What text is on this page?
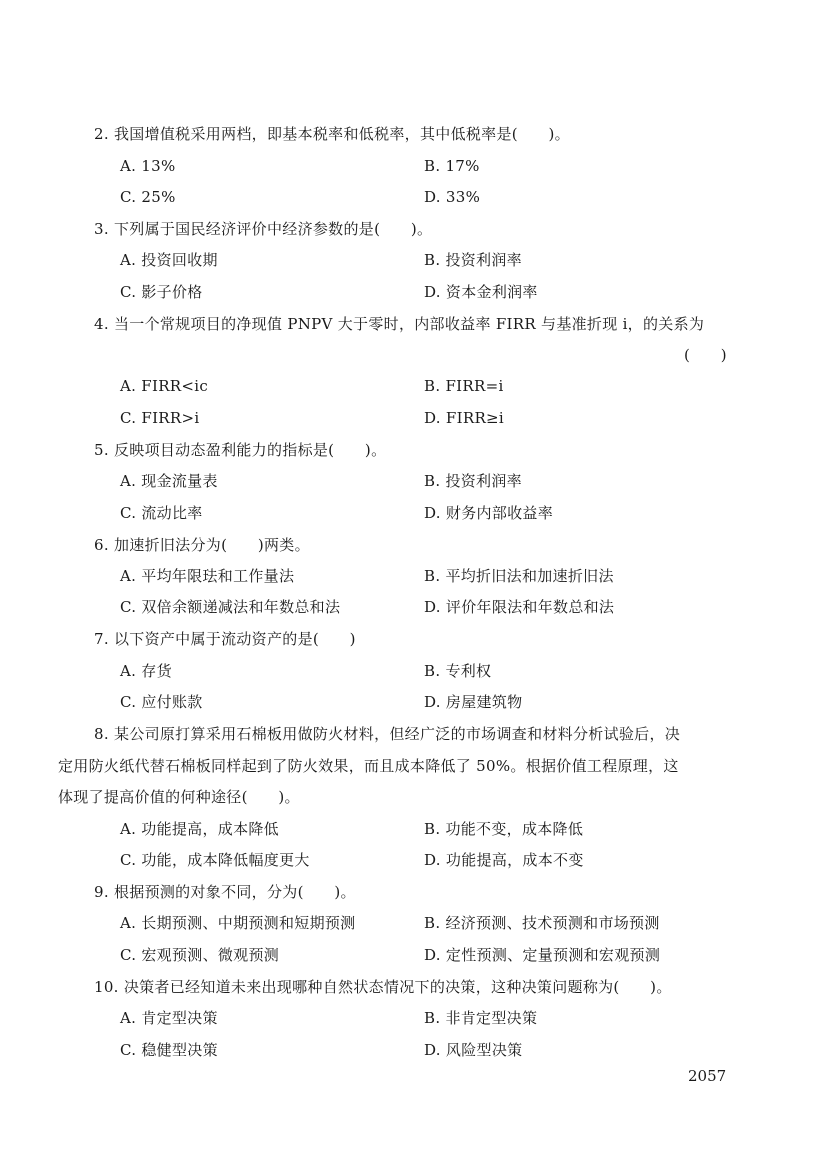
2. 我国增值税采用两档，即基本税率和低税率，其中低税率是(　　)。
A. 13%	B. 17%
C. 25%	D. 33%
3. 下列属于国民经济评价中经济参数的是(　　)。
A. 投资回收期	B. 投资利润率
C. 影子价格	D. 资本金利润率
4. 当一个常规项目的净现值 PNPV 大于零时，内部收益率 FIRR 与基准折现 i，的关系为
(　　)
A. FIRR<ic	B. FIRR=i
C. FIRR>i	D. FIRR≥i
5. 反映项目动态盈利能力的指标是(　　)。
A. 现金流量表	B. 投资利润率
C. 流动比率	D. 财务内部收益率
6. 加速折旧法分为(　　)两类。
A. 平均年限珐和工作量法	B. 平均折旧法和加速折旧法
C. 双倍余额递减法和年数总和法	D. 评价年限法和年数总和法
7. 以下资产中属于流动资产的是(　　)
A. 存货	B. 专利权
C. 应付账款	D. 房屋建筑物
8. 某公司原打算采用石棉板用做防火材料，但经广泛的市场调查和材料分析试验后，决
定用防火纸代替石棉板同样起到了防火效果，而且成本降低了 50%。根据价值工程原理，这
体现了提高价值的何种途径(　　)。
A. 功能提高，成本降低	B. 功能不变，成本降低
C. 功能，成本降低幅度更大	D. 功能提高，成本不变
9. 根据预测的对象不同，分为(　　)。
A. 长期预测、中期预测和短期预测	B. 经济预测、技术预测和市场预测
C. 宏观预测、微观预测	D. 定性预测、定量预测和宏观预测
10. 决策者已经知道未来出现哪种自然状态情况下的决策，这种决策问题称为(　　)。
A. 肯定型决策	B. 非肯定型决策
C. 稳健型决策	D. 风险型决策
2057
